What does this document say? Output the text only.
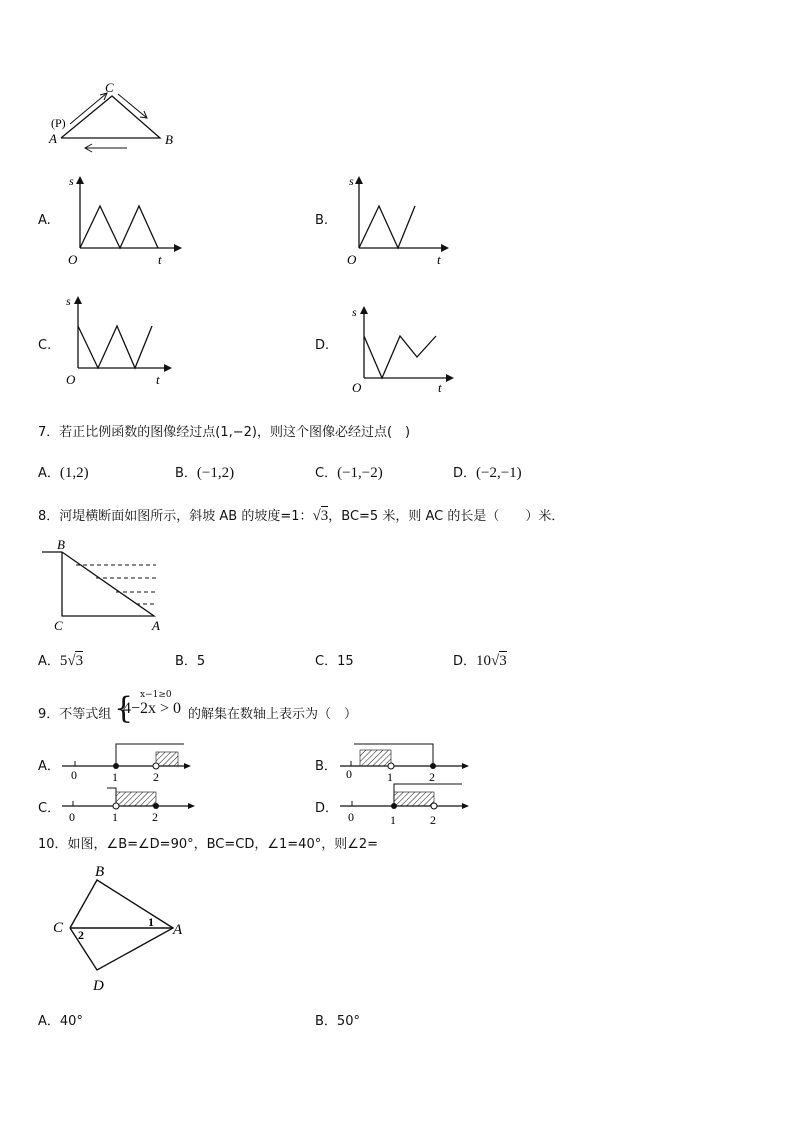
C
(P)
A	B
A.
s
O	t
B.
s
O	t
C.
s
O	t
D.
s
O	t
7．若正比例函数的图像经过点(1,−2)，则这个图像必经过点(　)
A．(1,2)	B．(−1,2)	C．(−1,−2)	D．(−2,−1)
8．河堤横断面如图所示，斜坡 AB 的坡度=1：√
3，BC=5 米，则 AC 的长是（　　）米．
B
C	A
A．5√
3	B．5	C．15	D．10√
3
9．不等式组 { x−1≥0
4−2x > 0 的解集在数轴上表示为（　）
A．
0	1	2
B． 0	1	2
C．
0	1	2
D．
0	1	2
10．如图，∠B=∠D=90°，BC=CD，∠1=40°，则∠2=
B
C	A
D
1
2
A．40°	B．50°
